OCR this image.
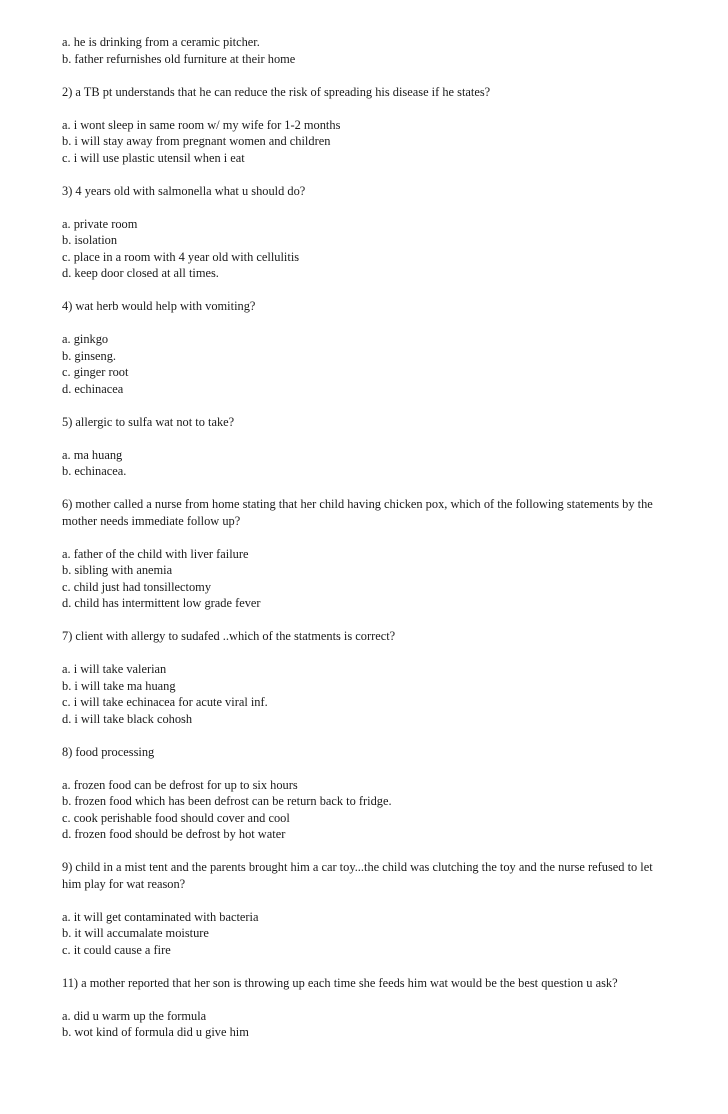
a. he is drinking from a ceramic pitcher.
b. father refurnishes old furniture at their home
2) a TB pt understands that he can reduce the risk of spreading his disease if he states?
a. i wont sleep in same room w/ my wife for 1-2 months
b. i will stay away from pregnant women and children
c. i will use plastic utensil when i eat
3) 4 years old with salmonella what u should do?
a. private room
b. isolation
c. place in a room with 4 year old with cellulitis
d. keep door closed at all times.
4) wat herb would help with vomiting?
a. ginkgo
b. ginseng.
c. ginger root
d. echinacea
5) allergic to sulfa wat not to take?
a. ma huang
b. echinacea.
6) mother called a nurse from home stating that her child having chicken pox, which of the following statements by the mother needs immediate follow up?
a. father of the child with liver failure
b. sibling with anemia
c. child just had tonsillectomy
d. child has intermittent low grade fever
7) client with allergy to sudafed ..which of the statments is correct?
a. i will take valerian
b. i will take ma huang
c. i will take echinacea for acute viral inf.
d. i will take black cohosh
8) food processing
a. frozen food can be defrost for up to six hours
b. frozen food which has been defrost can be return back to fridge.
c. cook perishable food should cover and cool
d. frozen food should be defrost by hot water
9) child in a mist tent and the parents brought him a car toy...the child was clutching the toy and the nurse refused to let him play for wat reason?
a. it will get contaminated with bacteria
b. it will accumalate moisture
c. it could cause a fire
11) a mother reported that her son is throwing up each time she feeds him wat would be the best question u ask?
a. did u warm up the formula
b. wot kind of formula did u give him
